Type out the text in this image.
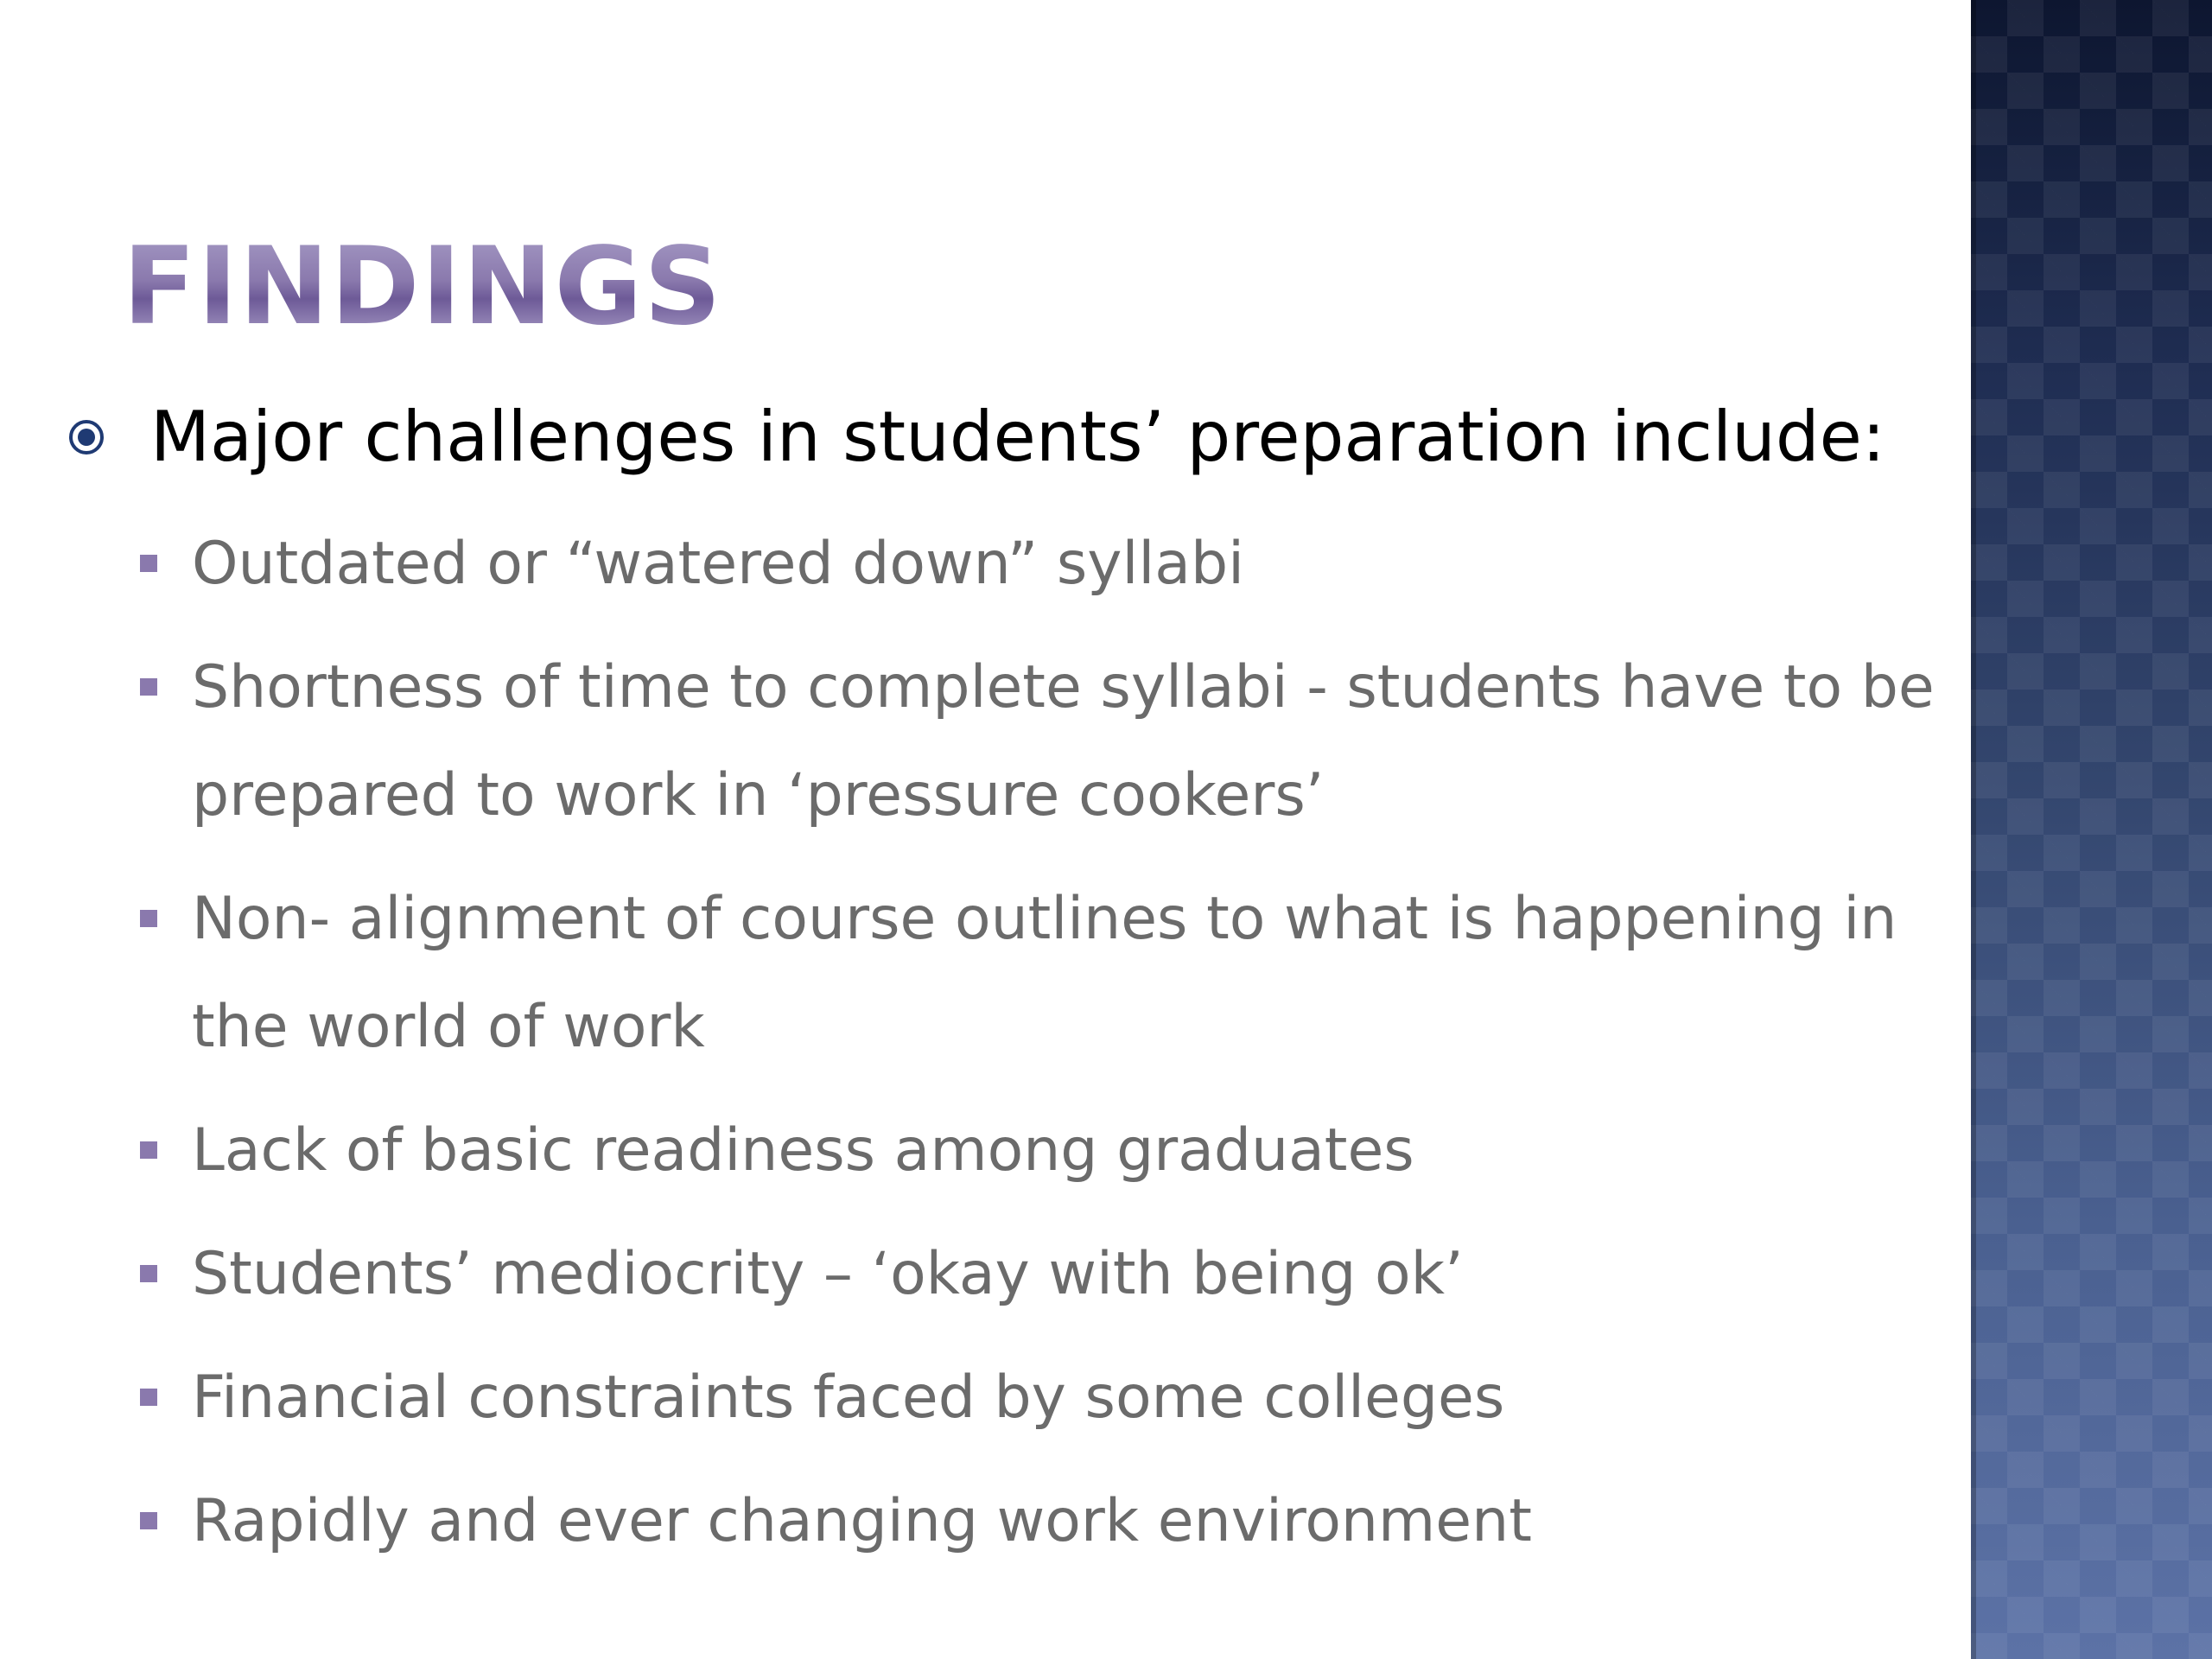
FINDINGS
Major challenges in students’ preparation include:
Outdated or “watered down” syllabi
Shortness of time to complete syllabi - students have to be prepared to work in ‘pressure cookers’
Non- alignment of course outlines to what is happening in the world of work
Lack of basic readiness among graduates
Students’ mediocrity – ‘okay with being ok’
Financial constraints faced by some colleges
Rapidly and ever changing work environment
